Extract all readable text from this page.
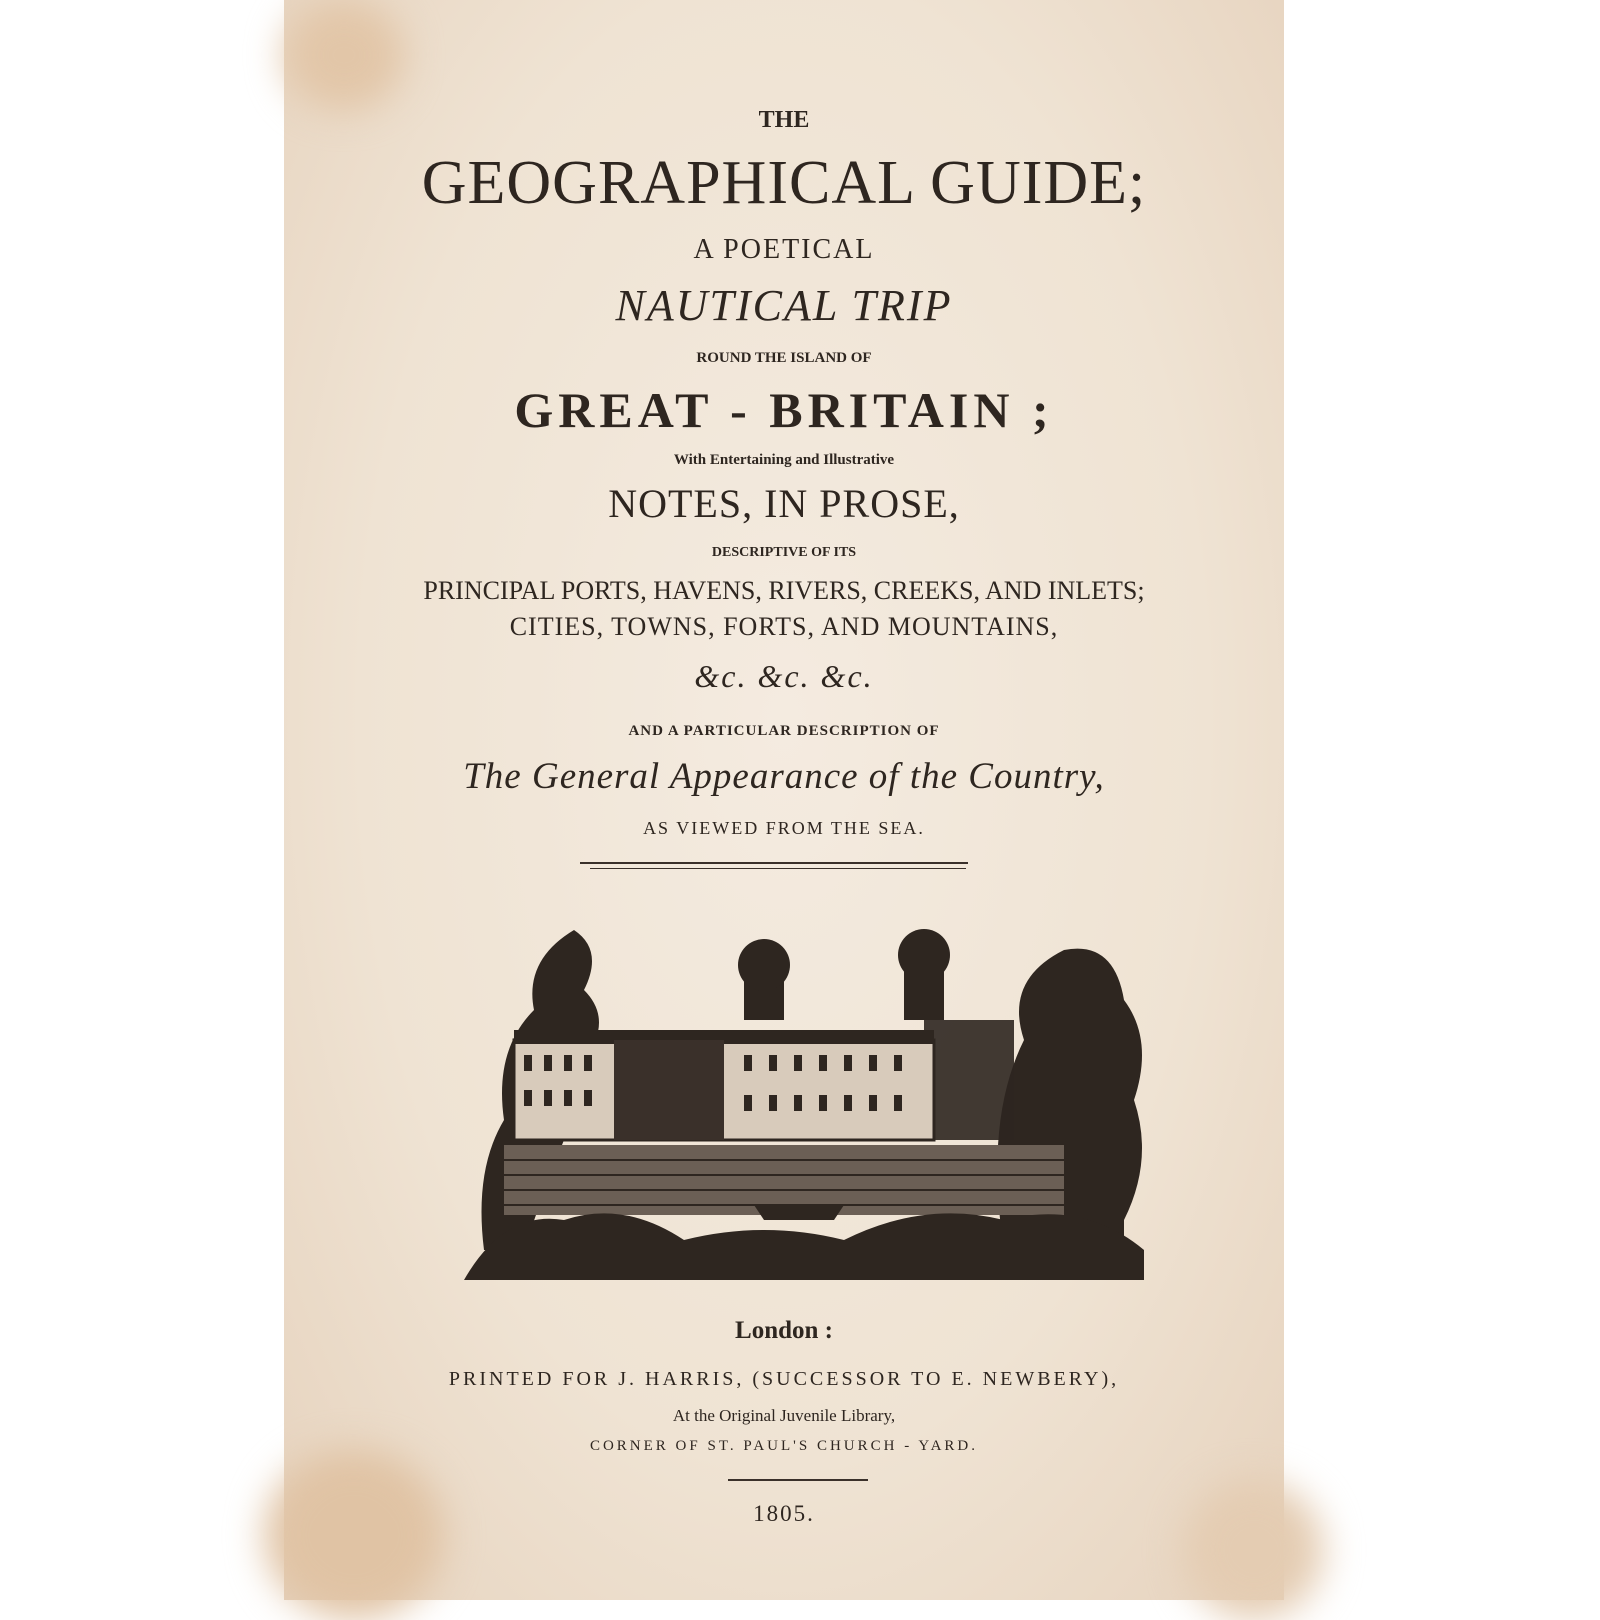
THE
GEOGRAPHICAL GUIDE;
A POETICAL
NAUTICAL TRIP
ROUND THE ISLAND OF
GREAT - BRITAIN ;
With Entertaining and Illustrative
NOTES, IN PROSE,
DESCRIPTIVE OF ITS
PRINCIPAL PORTS, HAVENS, RIVERS, CREEKS, AND INLETS;
CITIES, TOWNS, FORTS, AND MOUNTAINS,
&c. &c. &c.
AND A PARTICULAR DESCRIPTION OF
The General Appearance of the Country,
AS VIEWED FROM THE SEA.
London :
PRINTED FOR J. HARRIS, (SUCCESSOR TO E. NEWBERY),
At the Original Juvenile Library,
CORNER OF ST. PAUL'S CHURCH - YARD.
1805.
